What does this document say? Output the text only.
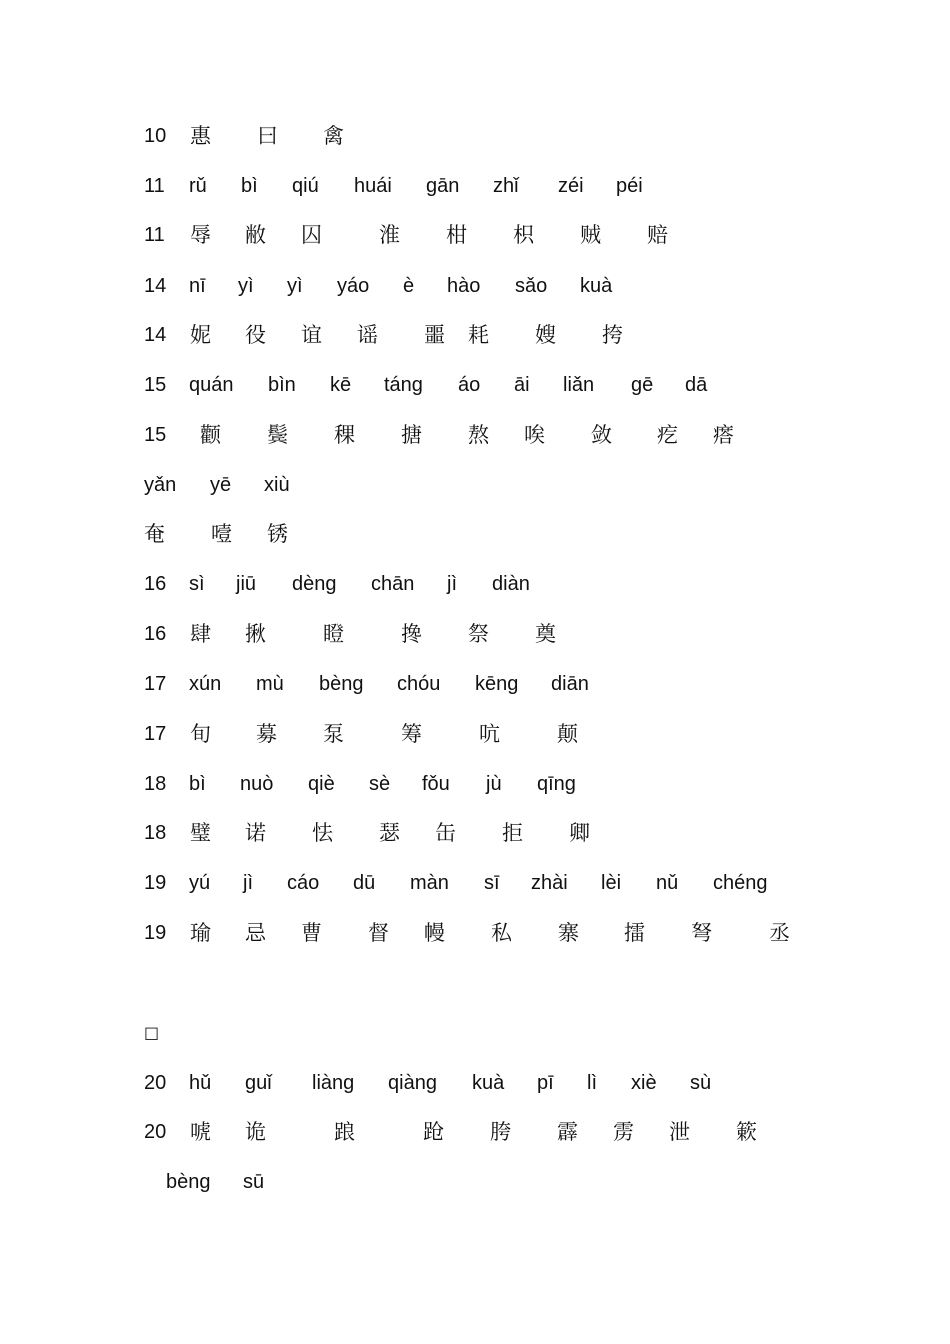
10 惠 曰 禽
11 rǔ bì qiú huái gān zhǐ zéi péi
11 辱 敝 囚	淮 柑 枳 贼 赔
14 nī yì yì yáo è hào sǎo kuà
14 妮 役 谊 谣 噩 耗 嫂 挎
15 quán bìn kē táng áo āi liǎn gē dā
15 颧 鬓 稞 搪 熬 唉 敛 疙 瘩
yǎn yē xiù
奄 噎 锈
16 sì jiū dèng chān jì diàn
16 肆 揪	瞪	搀 祭 奠
17 xún mù bèng chóu kēng diān
17 旬 募 泵	筹	吭	颠
18 bì nuò qiè sè fǒu jù qīng
18 璧 诺 怯 瑟 缶 拒 卿
19 yú jì cáo dū màn sī zhài lèi nǔ chéng
19 瑜 忌 曹 督 幔 私 寨 擂 弩	丞
□
20 hǔ guǐ liàng qiàng kuà pī lì xiè sù
20 唬 诡	踉	跄 胯 霹 雳 泄 簌
bèng sū
